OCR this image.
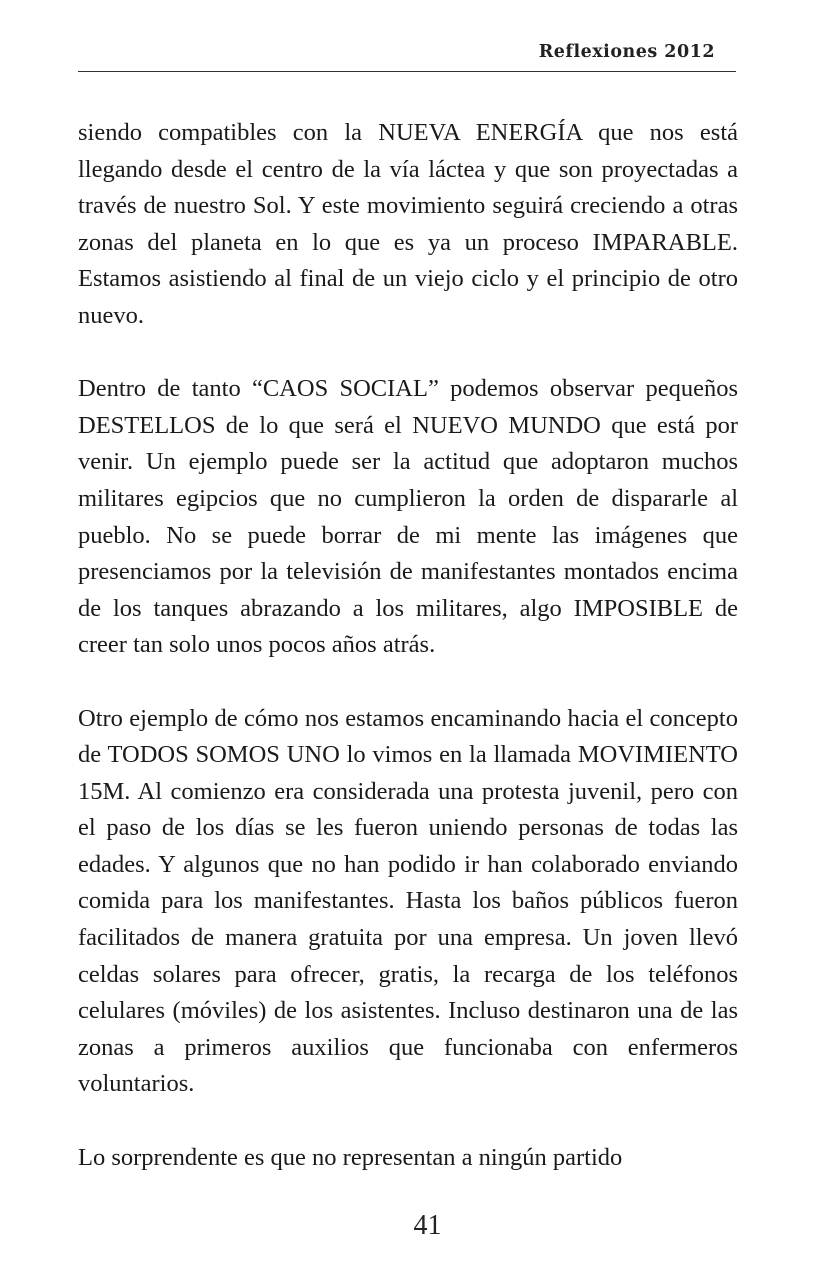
Reflexiones 2012

siendo compatibles con la NUEVA ENERGÍA que nos está llegando desde el centro de la vía láctea y que son proyectadas a través de nuestro Sol. Y este movimiento seguirá creciendo a otras zonas del planeta en lo que es ya un proceso IMPARABLE. Estamos asistiendo al final de un viejo ciclo y el principio de otro nuevo.

Dentro de tanto “CAOS SOCIAL” podemos observar pequeños DESTELLOS de lo que será el NUEVO MUNDO que está por venir. Un ejemplo puede ser la actitud que adoptaron muchos militares egipcios que no cumplieron la orden de dispararle al pueblo. No se puede borrar de mi mente las imágenes que presenciamos por la televisión de manifestantes montados encima de los tanques abrazando a los militares, algo IMPOSIBLE de creer tan solo unos pocos años atrás.

Otro ejemplo de cómo nos estamos encaminando hacia el concepto de TODOS SOMOS UNO lo vimos en la llamada MOVIMIENTO 15M. Al comienzo era considerada una protesta juvenil, pero con el paso de los días se les fueron uniendo personas de todas las edades. Y algunos que no han podido ir han colaborado enviando comida para los manifestantes. Hasta los baños públicos fueron facilitados de manera gratuita por una empresa. Un joven llevó celdas solares para ofrecer, gratis, la recarga de los teléfonos celulares (móviles) de los asistentes. Incluso destinaron una de las zonas a primeros auxilios que funcionaba con enfermeros voluntarios.

Lo sorprendente es que no representan a ningún partido

41
